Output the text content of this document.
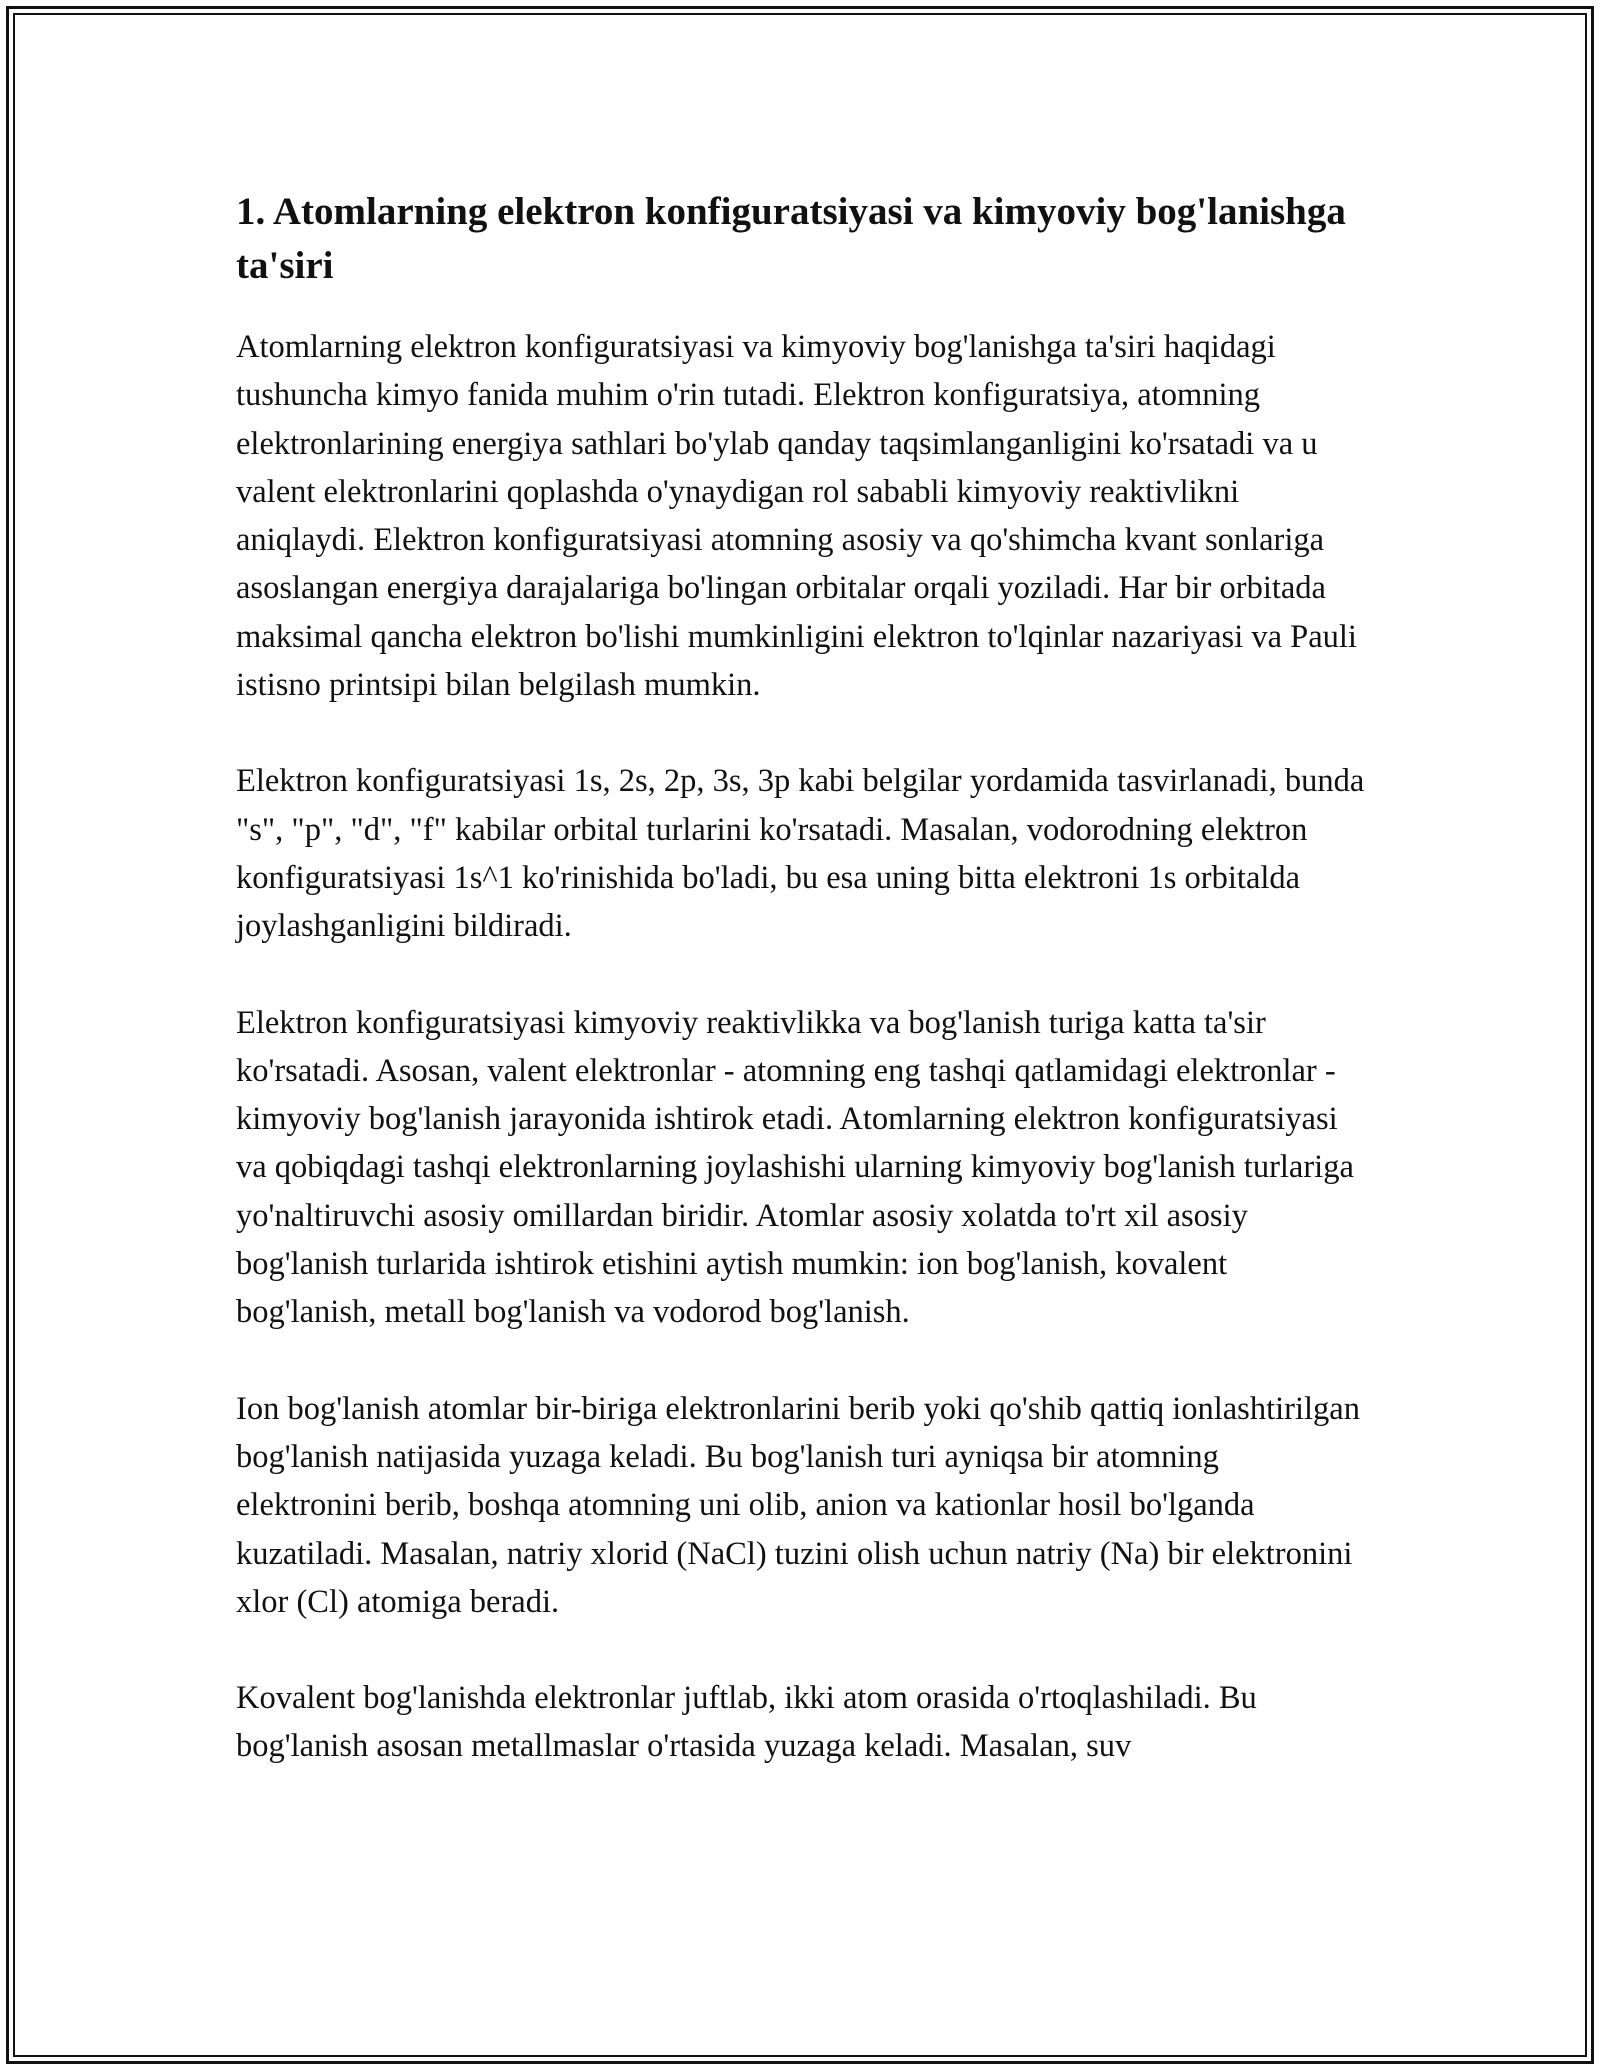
1. Atomlarning elektron konfiguratsiyasi va kimyoviy bog'lanishga ta'siri

Atomlarning elektron konfiguratsiyasi va kimyoviy bog'lanishga ta'siri haqidagi tushuncha kimyo fanida muhim o'rin tutadi. Elektron konfiguratsiya, atomning elektronlarining energiya sathlari bo'ylab qanday taqsimlanganligini ko'rsatadi va u valent elektronlarini qoplashda o'ynaydigan rol sababli kimyoviy reaktivlikni aniqlaydi. Elektron konfiguratsiyasi atomning asosiy va qo'shimcha kvant sonlariga asoslangan energiya darajalariga bo'lingan orbitalar orqali yoziladi. Har bir orbitada maksimal qancha elektron bo'lishi mumkinligini elektron to'lqinlar nazariyasi va Pauli istisno printsipi bilan belgilash mumkin.

Elektron konfiguratsiyasi 1s, 2s, 2p, 3s, 3p kabi belgilar yordamida tasvirlanadi, bunda "s", "p", "d", "f" kabilar orbital turlarini ko'rsatadi. Masalan, vodorodning elektron konfiguratsiyasi 1s^1 ko'rinishida bo'ladi, bu esa uning bitta elektroni 1s orbitalda joylashganligini bildiradi.

Elektron konfiguratsiyasi kimyoviy reaktivlikka va bog'lanish turiga katta ta'sir ko'rsatadi. Asosan, valent elektronlar - atomning eng tashqi qatlamidagi elektronlar - kimyoviy bog'lanish jarayonida ishtirok etadi. Atomlarning elektron konfiguratsiyasi va qobiqdagi tashqi elektronlarning joylashishi ularning kimyoviy bog'lanish turlariga yo'naltiruvchi asosiy omillardan biridir. Atomlar asosiy xolatda to'rt xil asosiy bog'lanish turlarida ishtirok etishini aytish mumkin: ion bog'lanish, kovalent bog'lanish, metall bog'lanish va vodorod bog'lanish.

Ion bog'lanish atomlar bir-biriga elektronlarini berib yoki qo'shib qattiq ionlashtirilgan bog'lanish natijasida yuzaga keladi. Bu bog'lanish turi ayniqsa bir atomning elektronini berib, boshqa atomning uni olib, anion va kationlar hosil bo'lganda kuzatiladi. Masalan, natriy xlorid (NaCl) tuzini olish uchun natriy (Na) bir elektronini xlor (Cl) atomiga beradi.

Kovalent bog'lanishda elektronlar juftlab, ikki atom orasida o'rtoqlashiladi. Bu bog'lanish asosan metallmaslar o'rtasida yuzaga keladi. Masalan, suv
